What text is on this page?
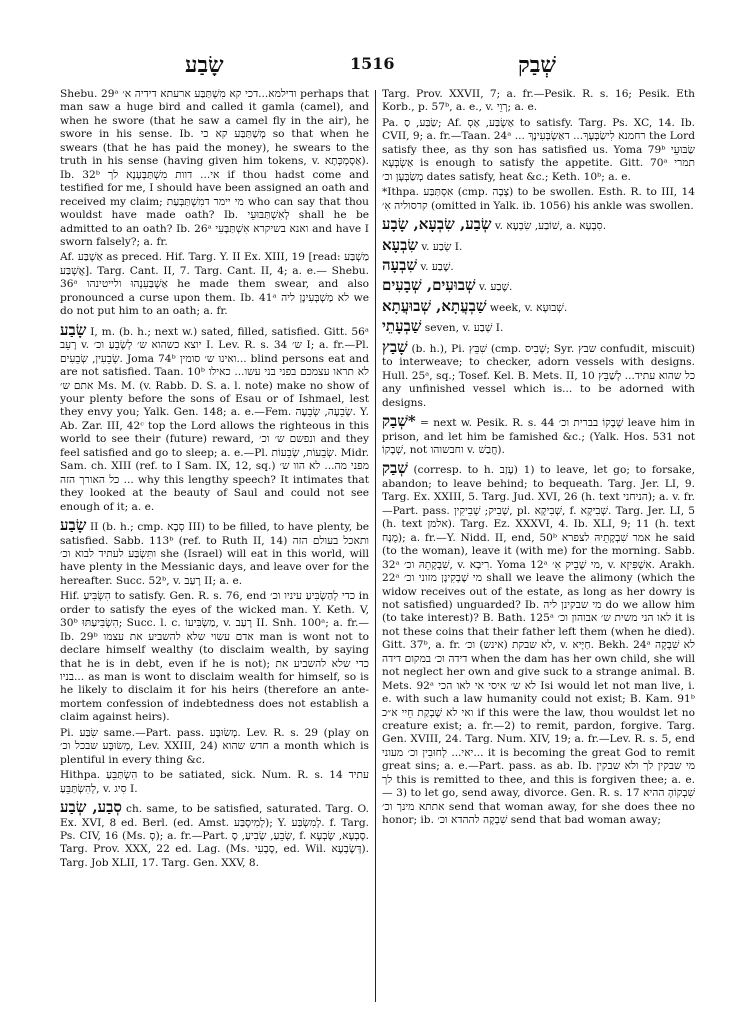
שָׂבַע	1516	שְׁבַק

Shebu. 29ᵃ ודילמא...דכי קא מִשְׁתַּבַּע ארעתא דידיה א׳ perhaps that man saw a huge bird and called it gamla (camel), and when he swore (that he saw a camel fly in the air), he swore in his sense. Ib. מְשַׁתַּבַּע קא כי so that when he swears (that he has paid the money), he swears to the truth in his sense (having given him tokens, v. אַסְמְכְּתָא). Ib. 32ᵇ אי... דוות מִשְׁתַּבְּעָנָא לך if thou hadst come and testified for me, I should have been assigned an oath and received my claim; מי יימר דמִשְׁתַּבְּעַת who can say that thou wouldst have made oath? Ib. לְאִשְׁתַּבּוּעֵי shall he be admitted to an oath? Ib. 26ᵃ ואנא בשיקרא אִשְׁתַּבָּעִי and have I sworn falsely?; a. fr.

Af. אַשְׁבַּע as preced. Hif. Targ. Y. II Ex. XIII, 19 [read: מַשְׁבַּע אֲשְׁבַּע]. Targ. Cant. II, 7. Targ. Cant. II, 4; a. e.— Shebu. 36ᵃ אַשְׁבַּעִנְהוּ ולייטינהו he made them swear, and also pronounced a curse upon them. Ib. 41ᵃ לא מַשְׁבְּעִינָן ליה we do not put him to an oath; a. fr.

שָׂבַע I, m. (b. h.; next w.) sated, filled, satisfied. Gitt. 56ᵃ רָעֵב v. יוצא כשהוא ש׳ לְשָׂבֵעַ וכ׳ I. Lev. R. s. 34 ש׳ I; a. fr.—Pl. שְׂבֵעִין, שְׂבֵעִים. Joma 74ᵇ ואינו ש׳ סומין... blind persons eat and are not satisfied. Taan. 10ᵇ לא תראו עצמכם בפני בני עשו... כאילו אתם ש׳ Ms. M. (v. Rabb. D. S. a. l. note) make no show of your plenty before the sons of Esau or of Ishmael, lest they envy you; Yalk. Gen. 148; a. e.—Fem. שְׂבֵעָה, שְׂבֵעָה. Y. Ab. Zar. III, 42ᶜ top the Lord allows the righteous in this world to see their (future) reward, ונפשם ש׳ וכ׳ and they feel satisfied and go to sleep; a. e.—Pl. שְׂבֵעוֹת, שְׂבֵעוֹת. Midr. Sam. ch. XIII (ref. to I Sam. IX, 12, sq.) מפני מה... לא הוו ש׳ ... כל האורך הזה why this lengthy speech? It intimates that they looked at the beauty of Saul and could not see enough of it; a. e.

שָׂבַע II (b. h.; cmp. סְבָא III) to be filled, to have plenty, be satisfied. Sabb. 113ᵇ (ref. to Ruth II, 14) ותאכל בעולם הזה ותִּשְׂבַּע לעתיד לבוא וכ׳ she (Israel) will eat in this world, will have plenty in the Messianic days, and leave over for the hereafter. Succ. 52ᵇ, v. רָעַב II; a. e.

Hif. הִשְׂבִּיעַ to satisfy. Gen. R. s. 76, end כדי לְהַשְׂבִּיעַ עיניו וכ׳ in order to satisfy the eyes of the wicked man. Y. Keth. V, 30ᵇ הִשְׂבִּיעַתּוּ; Succ. l. c. מַשְׂבִּיעוֹ, v. רָעַב II. Snh. 100ᵃ; a. fr.—Ib. 29ᵇ אדם עשוי שלא להשביע את עצמו man is wont not to declare himself wealthy (to disclaim wealth, by saying that he is in debt, even if he is not); כדי שלא להשביע את בניו... as man is wont to disclaim wealth for himself, so is he likely to disclaim it for his heirs (therefore an ante-mortem confession of indebtedness does not establish a claim against heirs).

Pi. שִׂבַּע same.—Part. pass. מְשׂוּבָּע. Lev. R. s. 29 (play on מְשׂוּבָּע שבכל וכ׳, Lev. XXIII, 24) חדש שהוא a month which is plentiful in every thing &c.

Hithpa. הִשְׂתַּבֵּעַ to be satiated, sick. Num. R. s. 14 עתיד לְהִשְׂתַּבֵּעַ, v. סִיג I.

סְבַע, שְׂבַע ch. same, to be satisfied, saturated. Targ. O. Ex. XVI, 8 ed. Berl. (ed. Amst. לְמִיסְבַּע); Y. לְמִשְׂבַּע. f. Targ. Ps. CIV, 16 (Ms. סְ); a. fr.—Part. שְׂבֵעַ, שְׂבִיעַ, סָ, f. סָבְעָא, שָׂבְעָא. Targ. Prov. XXX, 22 ed. Lag. (Ms. סָבְעִי, ed. Wil. דְּשָׂבְעָא). Targ. Job XLII, 17. Targ. Gen. XXV, 8.

Targ. Prov. XXVII, 7; a. fr.—Pesik. R. s. 16; Pesik. Eth Korb., p. 57ᵇ, a. e., v. רְוֵי; a. e.

Pa. שַׂבַּע, סַ; Af. אַשְׂבַּע, אַסְ to satisfy. Targ. Ps. XC, 14. Ib. CVII, 9; a. fr.—Taan. 24ᵃ ... רחמנא לִישַׂבְּעָךְ... דאַשְׂבְּעִינָךְ the Lord satisfy thee, as thy son has satisfied us. Yoma 79ᵇ שַׂבּוּעֵי אַשְׂבְּעָא is enough to satisfy the appetite. Gitt. 70ᵃ תמרי מְשַׂבְּעָן וכ׳ dates satisfy, heat &c.; Keth. 10ᵇ; a. e.

*Ithpa. אִסְתַּבַּע (cmp. צְבָה) to be swollen. Esth. R. to III, 14 קרסוליה אִ׳ (omitted in Yalk. ib. 1056) his ankle was swollen.

שְׂבַע, שִׂבְעָא, שָׂבָע v. שׁוֹבַע, שִׂבְעָא, a. סִבְעָא.

שִׂבְעָא v. שְׂבַע I.

שִׁבְעָה v. שֶׁבַע.

שְׁבוּעִים, שְׁבָעִים v. שֶׁבַע.

שַׁבְעֲתָא, שְׁבוּעֲתָא week, v. שְׁבוּעָא.

שַׁבְעָתֵי seven, v. שְׁבַע I.

שָׁבַץ (b. h.), Pi. שִׁבֵּץ (cmp. שְׁבִיס; Syr. שבץ confudit, miscuit) to interweave; to checker, adorn vessels with designs. Hull. 25ᵃ, sq.; Tosef. Kel. B. Mets. II, 10 כל שהוא עתיד... לְשַׁבֵּץ any unfinished vessel which is... to be adorned with designs.

*שְׁבַק = next w. Pesik. R. s. 44 שְׁבָקוֹ בברית וכ׳ leave him in prison, and let him be famished &c.; (Yalk. Hos. 531 not שְׁבָקוֹ, not וחבשוהו v. חֲבַשׁ).

שְׁבַק (corresp. to h. עָזַב) 1) to leave, let go; to forsake, abandon; to leave behind; to bequeath. Targ. Jer. LI, 9. Targ. Ex. XXIII, 5. Targ. Jud. XVI, 26 (h. text הניחני); a. v. fr.—Part. pass. שְׁבִיק; שְׁבִיקִין, pl. שְׁבִיקָא, f. שְׁבִיקָא. Targ. Jer. LI, 5 (h. text אלמן). Targ. Ez. XXXVI, 4. Ib. XLI, 9; 11 (h. text מֻנָּח); a. fr.—Y. Nidd. II, end, 50ᵇ אמר שִׁבְקָתֵיהּ לצפרא he said (to the woman), leave it (with me) for the morning. Sabb. 32ᵃ שִׁבְקָתֵהּ וכ׳, v. רִיבָא. Yoma 12ᵃ מי שָׁבֵיק אִ׳, v. אִשְׁפִּיזָא. Arakh. 22ᵃ מי שָׁבְקִינָן מזוני וכ׳ shall we leave the alimony (which the widow receives out of the estate, as long as her dowry is not satisfied) unguarded? Ib. מי שבקינן ליה do we allow him (to take interest)? B. Bath. 125ᵃ לאו הני משית ש׳ אבוהון וכ׳ it is not these coins that their father left them (when he died). Gitt. 37ᵇ, a. fr. לא שבקת (אינש) וכ׳, v. חַיָּיא. Bekh. 24ᵃ לא שִׁבְקָה דידה וכ׳ במקום דידה when the dam has her own child, she will not neglect her own and give suck to a strange animal. B. Mets. 92ᵃ לא ש׳ איסי אי לאו הכי Isi would let not man live, i. e. with such a law humanity could not exist; B. Kam. 91ᵇ ואי לא שָׁבְקַת חֵיי א״כ if this were the law, thou wouldst let no creature exist; a. fr.—2) to remit, pardon, forgive. Targ. Gen. XVIII, 24. Targ. Num. XIV, 19; a. fr.—Lev. R. s. 5, end יאי... לְחוּבִין וכ׳ מעוני... it is becoming the great God to remit great sins; a. e.—Part. pass. as ab. Ib. מי שבקין לך ולא שבקין לך this is remitted to thee, and this is forgiven thee; a. e.— 3) to let go, send away, divorce. Gen. R. s. 17 שִׁבְקוֹהָ ההיא אתתא מינך וכ׳ send that woman away, for she does thee no honor; ib. שִׁבְקָה לההדא וכ׳ send that bad woman away;
